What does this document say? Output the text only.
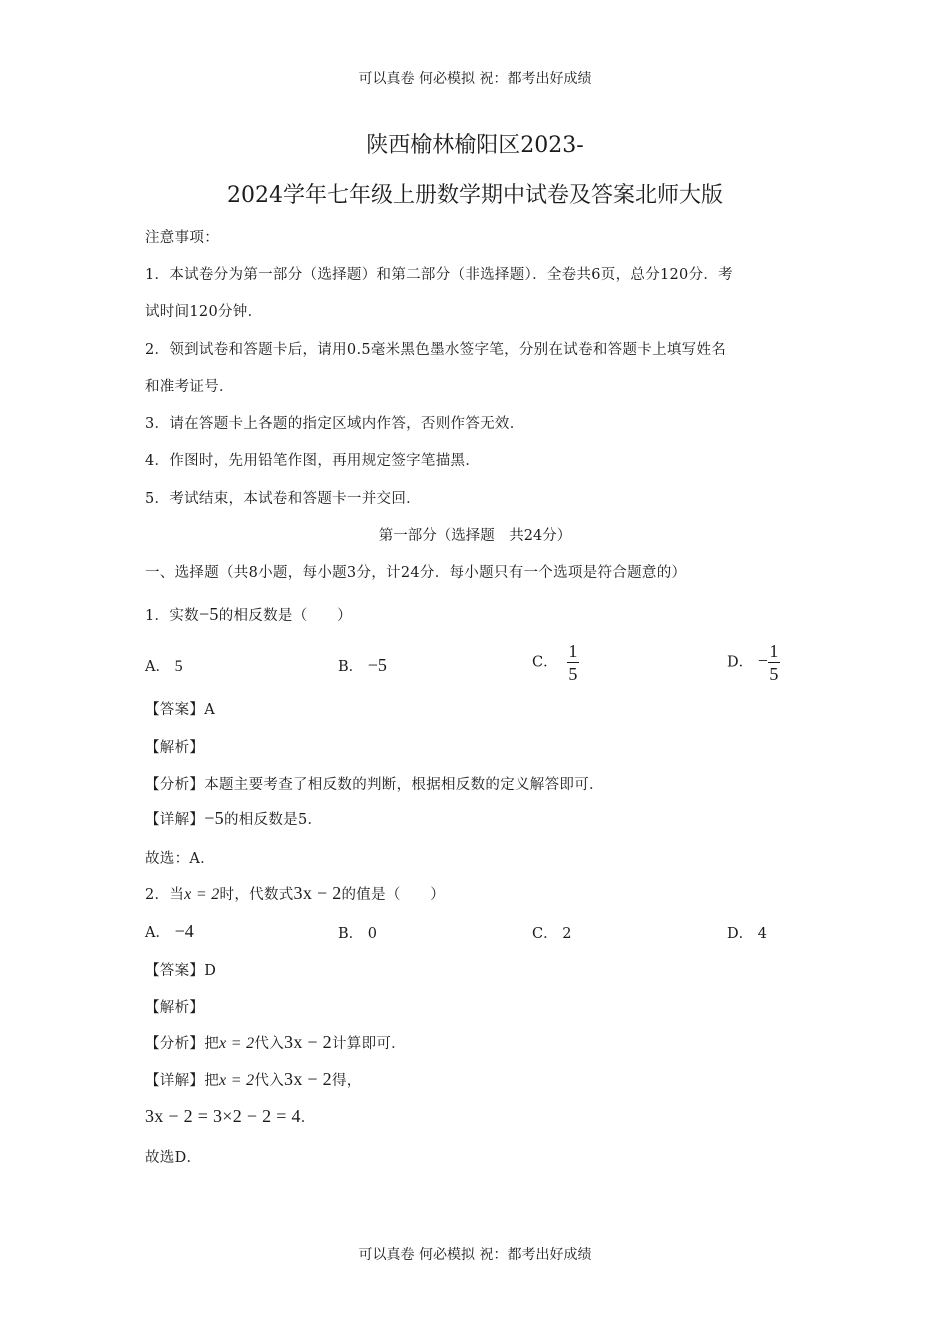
可以真卷 何必模拟 祝：都考出好成绩
陕西榆林榆阳区2023-
2024学年七年级上册数学期中试卷及答案北师大版
注意事项：
1．本试卷分为第一部分（选择题）和第二部分（非选择题）．全卷共6页，总分120分．考
试时间120分钟．
2．领到试卷和答题卡后，请用0.5毫米黑色墨水签字笔，分别在试卷和答题卡上填写姓名
和准考证号．
3．请在答题卡上各题的指定区域内作答，否则作答无效．
4．作图时，先用铅笔作图，再用规定签字笔描黑．
5．考试结束，本试卷和答题卡一并交回．
第一部分（选择题　共24分）
一、选择题（共8小题，每小题3分，计24分．每小题只有一个选项是符合题意的）
1．实数−5的相反数是（　　）
A． 5	B． −5	C． $\frac{1}{5}$	D． − $\frac{1}{5}$
【答案】A
【解析】
【分析】本题主要考查了相反数的判断，根据相反数的定义解答即可．
【详解】−5的相反数是5．
故选：A．
2．当x = 2时，代数式3x − 2的值是（　　）
A． −4	B． 0	C． 2	D． 4
【答案】D
【解析】
【分析】把x = 2代入3x − 2计算即可．
【详解】把x = 2代入3x − 2得，
3x − 2 = 3×2 − 2 = 4．
故选D．
可以真卷 何必模拟 祝：都考出好成绩
